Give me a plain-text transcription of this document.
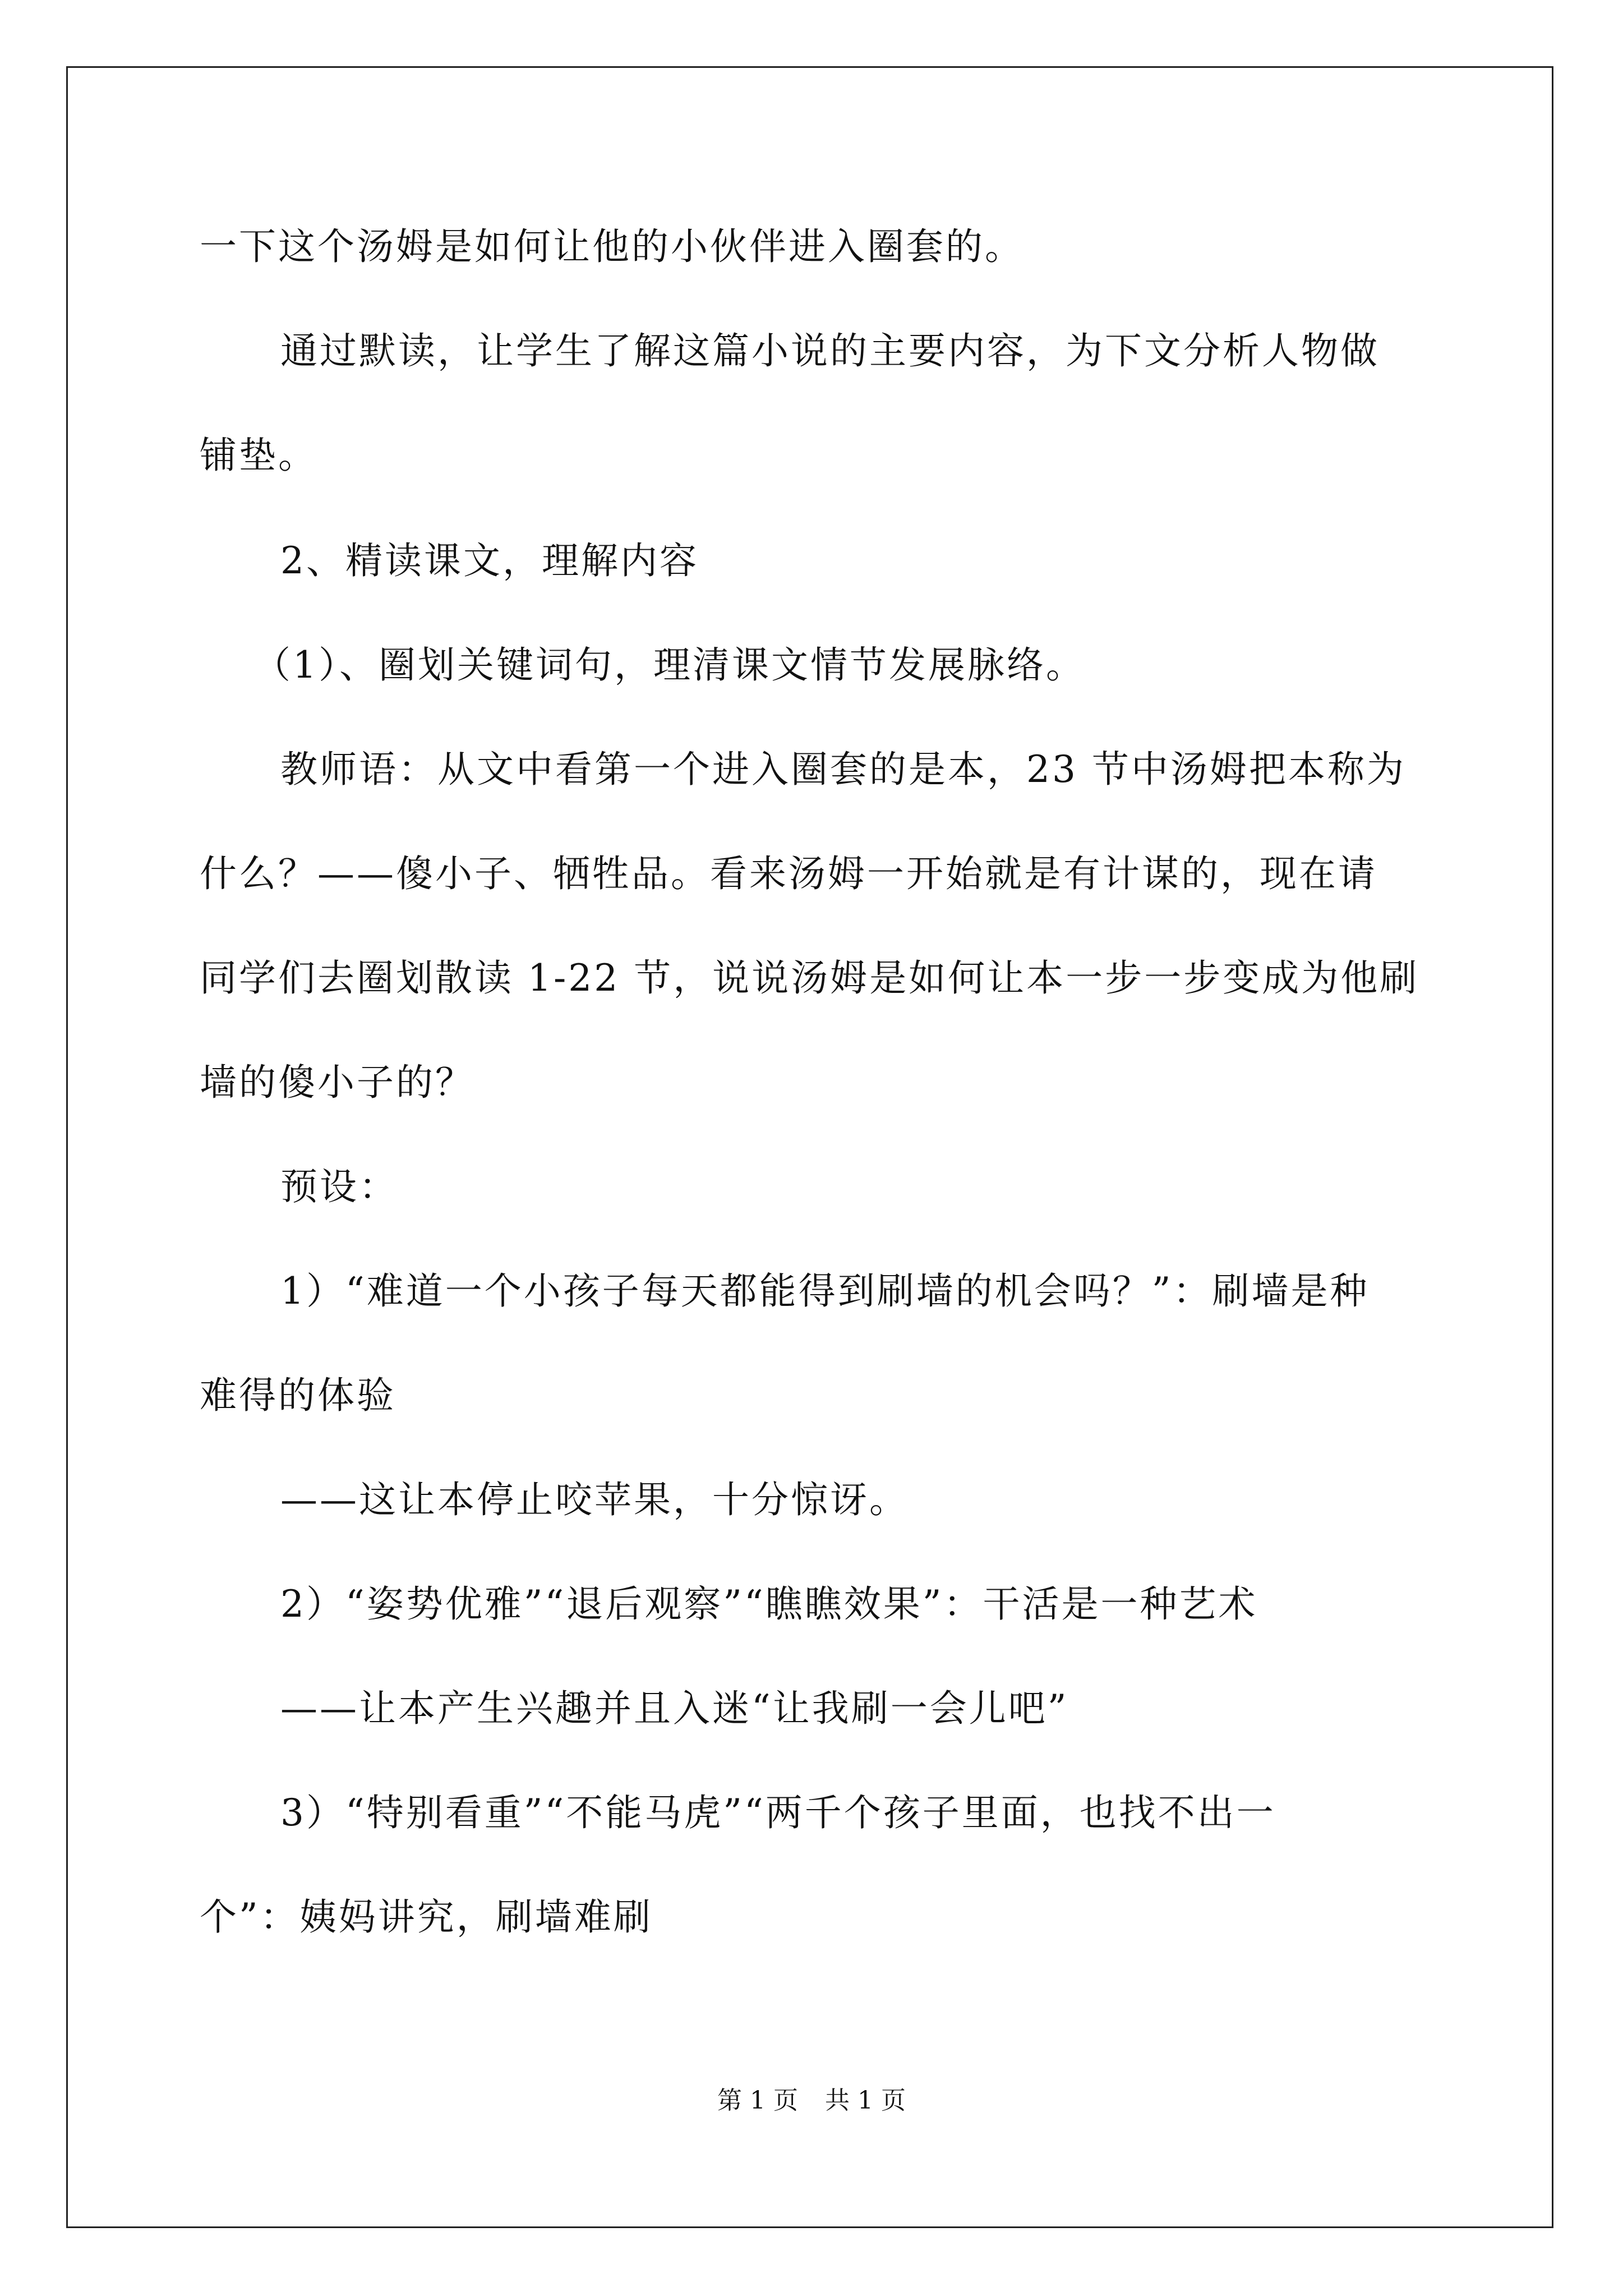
一下这个汤姆是如何让他的小伙伴进入圈套的。
通过默读，让学生了解这篇小说的主要内容，为下文分析人物做
铺垫。
2、精读课文，理解内容
（1）、圈划关键词句，理清课文情节发展脉络。
教师语：从文中看第一个进入圈套的是本，23 节中汤姆把本称为
什么？——傻小子、牺牲品。看来汤姆一开始就是有计谋的，现在请
同学们去圈划散读 1-22 节，说说汤姆是如何让本一步一步变成为他刷
墙的傻小子的？
预设：
1）“难道一个小孩子每天都能得到刷墙的机会吗？”：刷墙是种
难得的体验
——这让本停止咬苹果，十分惊讶。
2）“姿势优雅”“退后观察”“瞧瞧效果”：干活是一种艺术
——让本产生兴趣并且入迷“让我刷一会儿吧”
3）“特别看重”“不能马虎”“两千个孩子里面，也找不出一
个”：姨妈讲究，刷墙难刷
第 1 页 共 1 页
